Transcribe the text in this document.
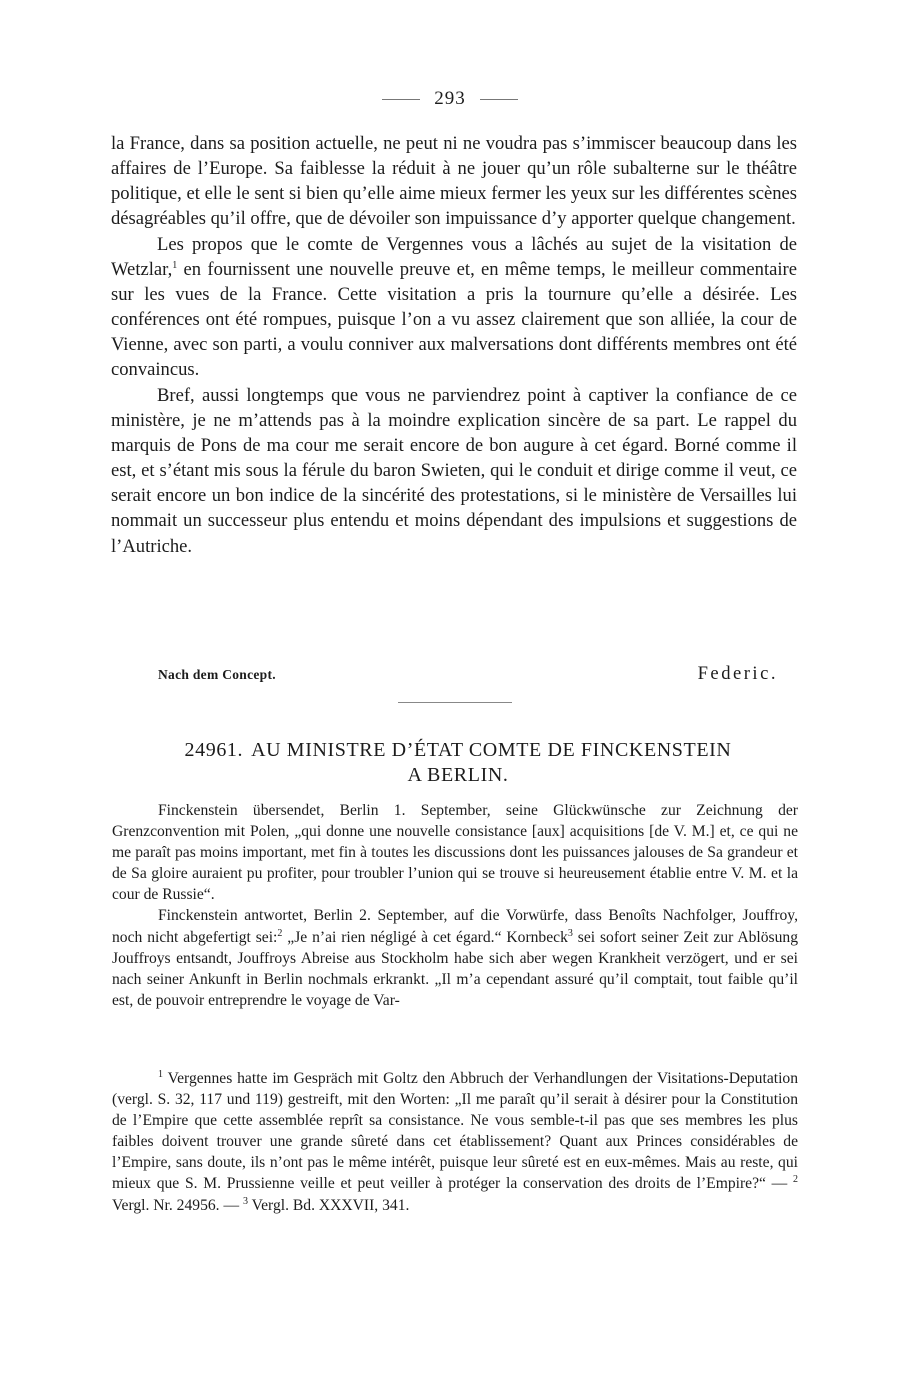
293

la France, dans sa position actuelle, ne peut ni ne voudra pas s’immiscer beaucoup dans les affaires de l’Europe. Sa faiblesse la réduit à ne jouer qu’un rôle subalterne sur le théâtre politique, et elle le sent si bien qu’elle aime mieux fermer les yeux sur les différentes scènes désagréables qu’il offre, que de dévoiler son impuissance d’y apporter quelque changement.

Les propos que le comte de Vergennes vous a lâchés au sujet de la visitation de Wetzlar,$^1$ en fournissent une nouvelle preuve et, en même temps, le meilleur commentaire sur les vues de la France. Cette visitation a pris la tournure qu’elle a désirée. Les conférences ont été rompues, puisque l’on a vu assez clairement que son alliée, la cour de Vienne, avec son parti, a voulu conniver aux malversations dont différents membres ont été convaincus.

Bref, aussi longtemps que vous ne parviendrez point à captiver la confiance de ce ministère, je ne m’attends pas à la moindre explication sincère de sa part. Le rappel du marquis de Pons de ma cour me serait encore de bon augure à cet égard. Borné comme il est, et s’étant mis sous la férule du baron Swieten, qui le conduit et dirige comme il veut, ce serait encore un bon indice de la sincérité des protestations, si le ministère de Versailles lui nommait un successeur plus entendu et moins dépendant des impulsions et suggestions de l’Autriche.

Nach dem Concept.	Federic.
24961. AU MINISTRE D’ÉTAT COMTE DE FINCKENSTEIN
A BERLIN.

Finckenstein übersendet, Berlin 1. September, seine Glückwünsche zur Zeichnung der Grenzconvention mit Polen, „qui donne une nouvelle consistance [aux] acquisitions [de V. M.] et, ce qui ne me paraît pas moins important, met fin à toutes les discussions dont les puissances jalouses de Sa grandeur et de Sa gloire auraient pu profiter, pour troubler l’union qui se trouve si heureusement établie entre V. M. et la cour de Russie“.

Finckenstein antwortet, Berlin 2. September, auf die Vorwürfe, dass Benoîts Nachfolger, Jouffroy, noch nicht abgefertigt sei:$^2$ „Je n’ai rien négligé à cet égard.“ Kornbeck$^3$ sei sofort seiner Zeit zur Ablösung Jouffroys entsandt, Jouffroys Abreise aus Stockholm habe sich aber wegen Krankheit verzögert, und er sei nach seiner Ankunft in Berlin nochmals erkrankt. „Il m’a cependant assuré qu’il comptait, tout faible qu’il est, de pouvoir entreprendre le voyage de Var-

$^1$ Vergennes hatte im Gespräch mit Goltz den Abbruch der Verhandlungen der Visitations-Deputation (vergl. S. 32, 117 und 119) gestreift, mit den Worten: „Il me paraît qu’il serait à désirer pour la Constitution de l’Empire que cette assemblée reprît sa consistance. Ne vous semble-t-il pas que ses membres les plus faibles doivent trouver une grande sûreté dans cet établissement? Quant aux Princes considérables de l’Empire, sans doute, ils n’ont pas le même intérêt, puisque leur sûreté est en eux-mêmes. Mais au reste, qui mieux que S. M. Prussienne veille et peut veiller à protéger la conservation des droits de l’Empire?“ — $^2$ Vergl. Nr. 24956. — $^3$ Vergl. Bd. XXXVII, 341.
